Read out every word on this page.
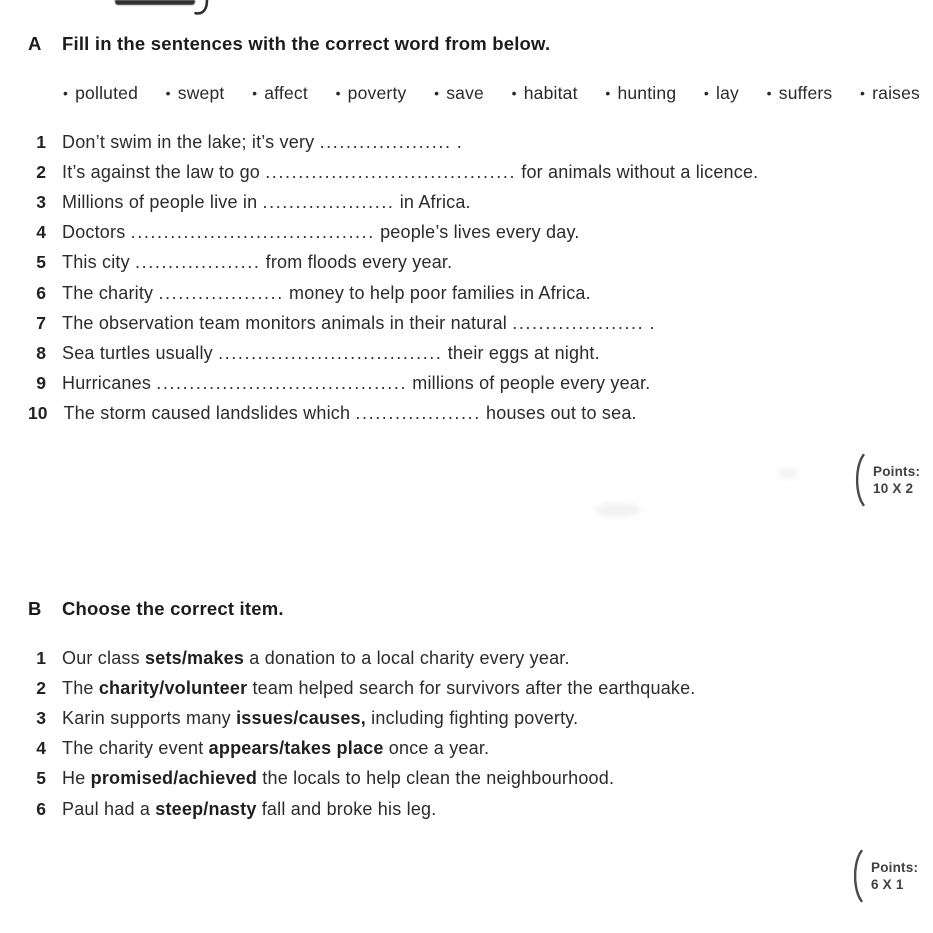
A	Fill in the sentences with the correct word from below.
• polluted • swept • affect • poverty • save • habitat • hunting • lay • suffers • raises
1 Don’t swim in the lake; it’s very .................... .
2 It’s against the law to go ...................................... for animals without a licence.
3 Millions of people live in .................... in Africa.
4 Doctors ..................................... people’s lives every day.
5 This city ................... from floods every year.
6 The charity ................... money to help poor families in Africa.
7 The observation team monitors animals in their natural .................... .
8 Sea turtles usually .................................. their eggs at night.
9 Hurricanes ...................................... millions of people every year.
10 The storm caused landslides which ................... houses out to sea.
Points:
10 X 2
B	Choose the correct item.
1 Our class sets/makes a donation to a local charity every year.
2 The charity/volunteer team helped search for survivors after the earthquake.
3 Karin supports many issues/causes, including fighting poverty.
4 The charity event appears/takes place once a year.
5 He promised/achieved the locals to help clean the neighbourhood.
6 Paul had a steep/nasty fall and broke his leg.
Points:
6 X 1
